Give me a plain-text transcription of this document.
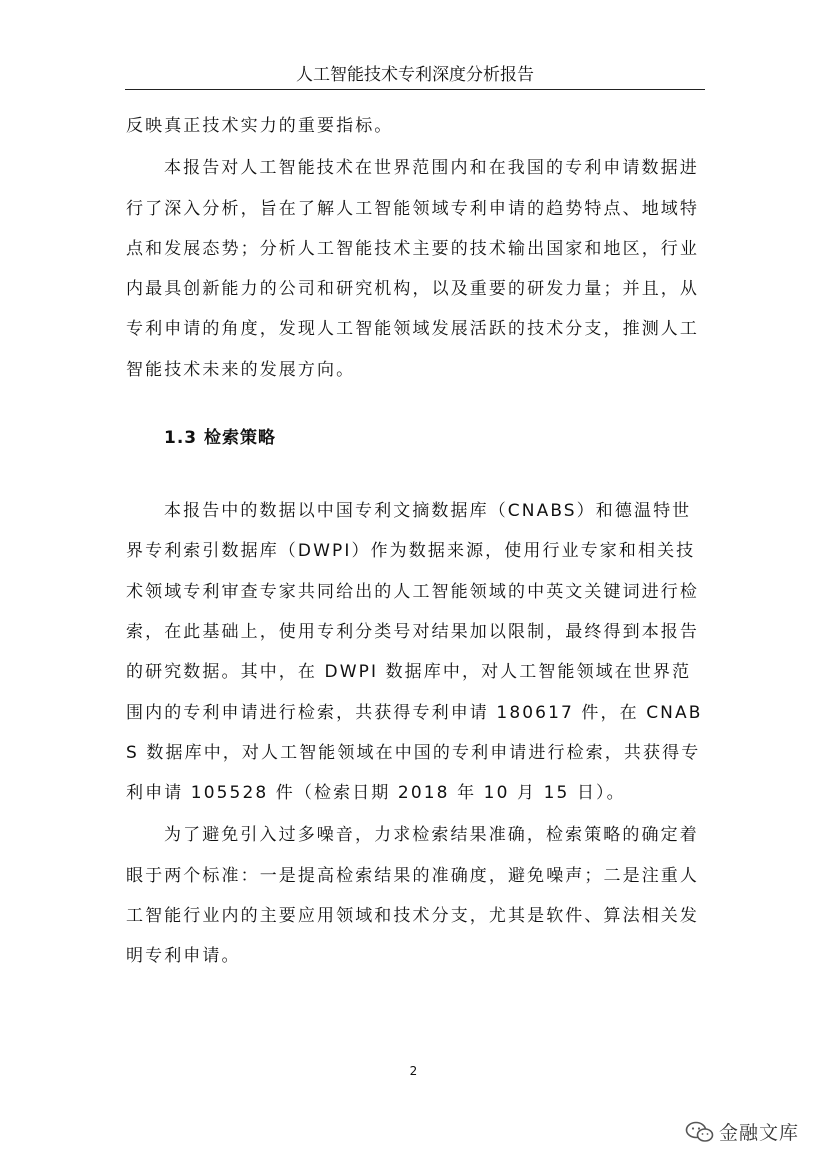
人工智能技术专利深度分析报告

反映真正技术实力的重要指标。

本报告对人工智能技术在世界范围内和在我国的专利申请数据进行了深入分析，旨在了解人工智能领域专利申请的趋势特点、地域特点和发展态势；分析人工智能技术主要的技术输出国家和地区，行业内最具创新能力的公司和研究机构，以及重要的研发力量；并且，从专利申请的角度，发现人工智能领域发展活跃的技术分支，推测人工智能技术未来的发展方向。

1.3 检索策略

本报告中的数据以中国专利文摘数据库（CNABS）和德温特世界专利索引数据库（DWPI）作为数据来源，使用行业专家和相关技术领域专利审查专家共同给出的人工智能领域的中英文关键词进行检索，在此基础上，使用专利分类号对结果加以限制，最终得到本报告的研究数据。其中，在 DWPI 数据库中，对人工智能领域在世界范围内的专利申请进行检索，共获得专利申请 180617 件，在 CNABS 数据库中，对人工智能领域在中国的专利申请进行检索，共获得专利申请 105528 件（检索日期 2018 年 10 月 15 日）。

为了避免引入过多噪音，力求检索结果准确，检索策略的确定着眼于两个标准：一是提高检索结果的准确度，避免噪声；二是注重人工智能行业内的主要应用领域和技术分支，尤其是软件、算法相关发明专利申请。

2
金融文库
